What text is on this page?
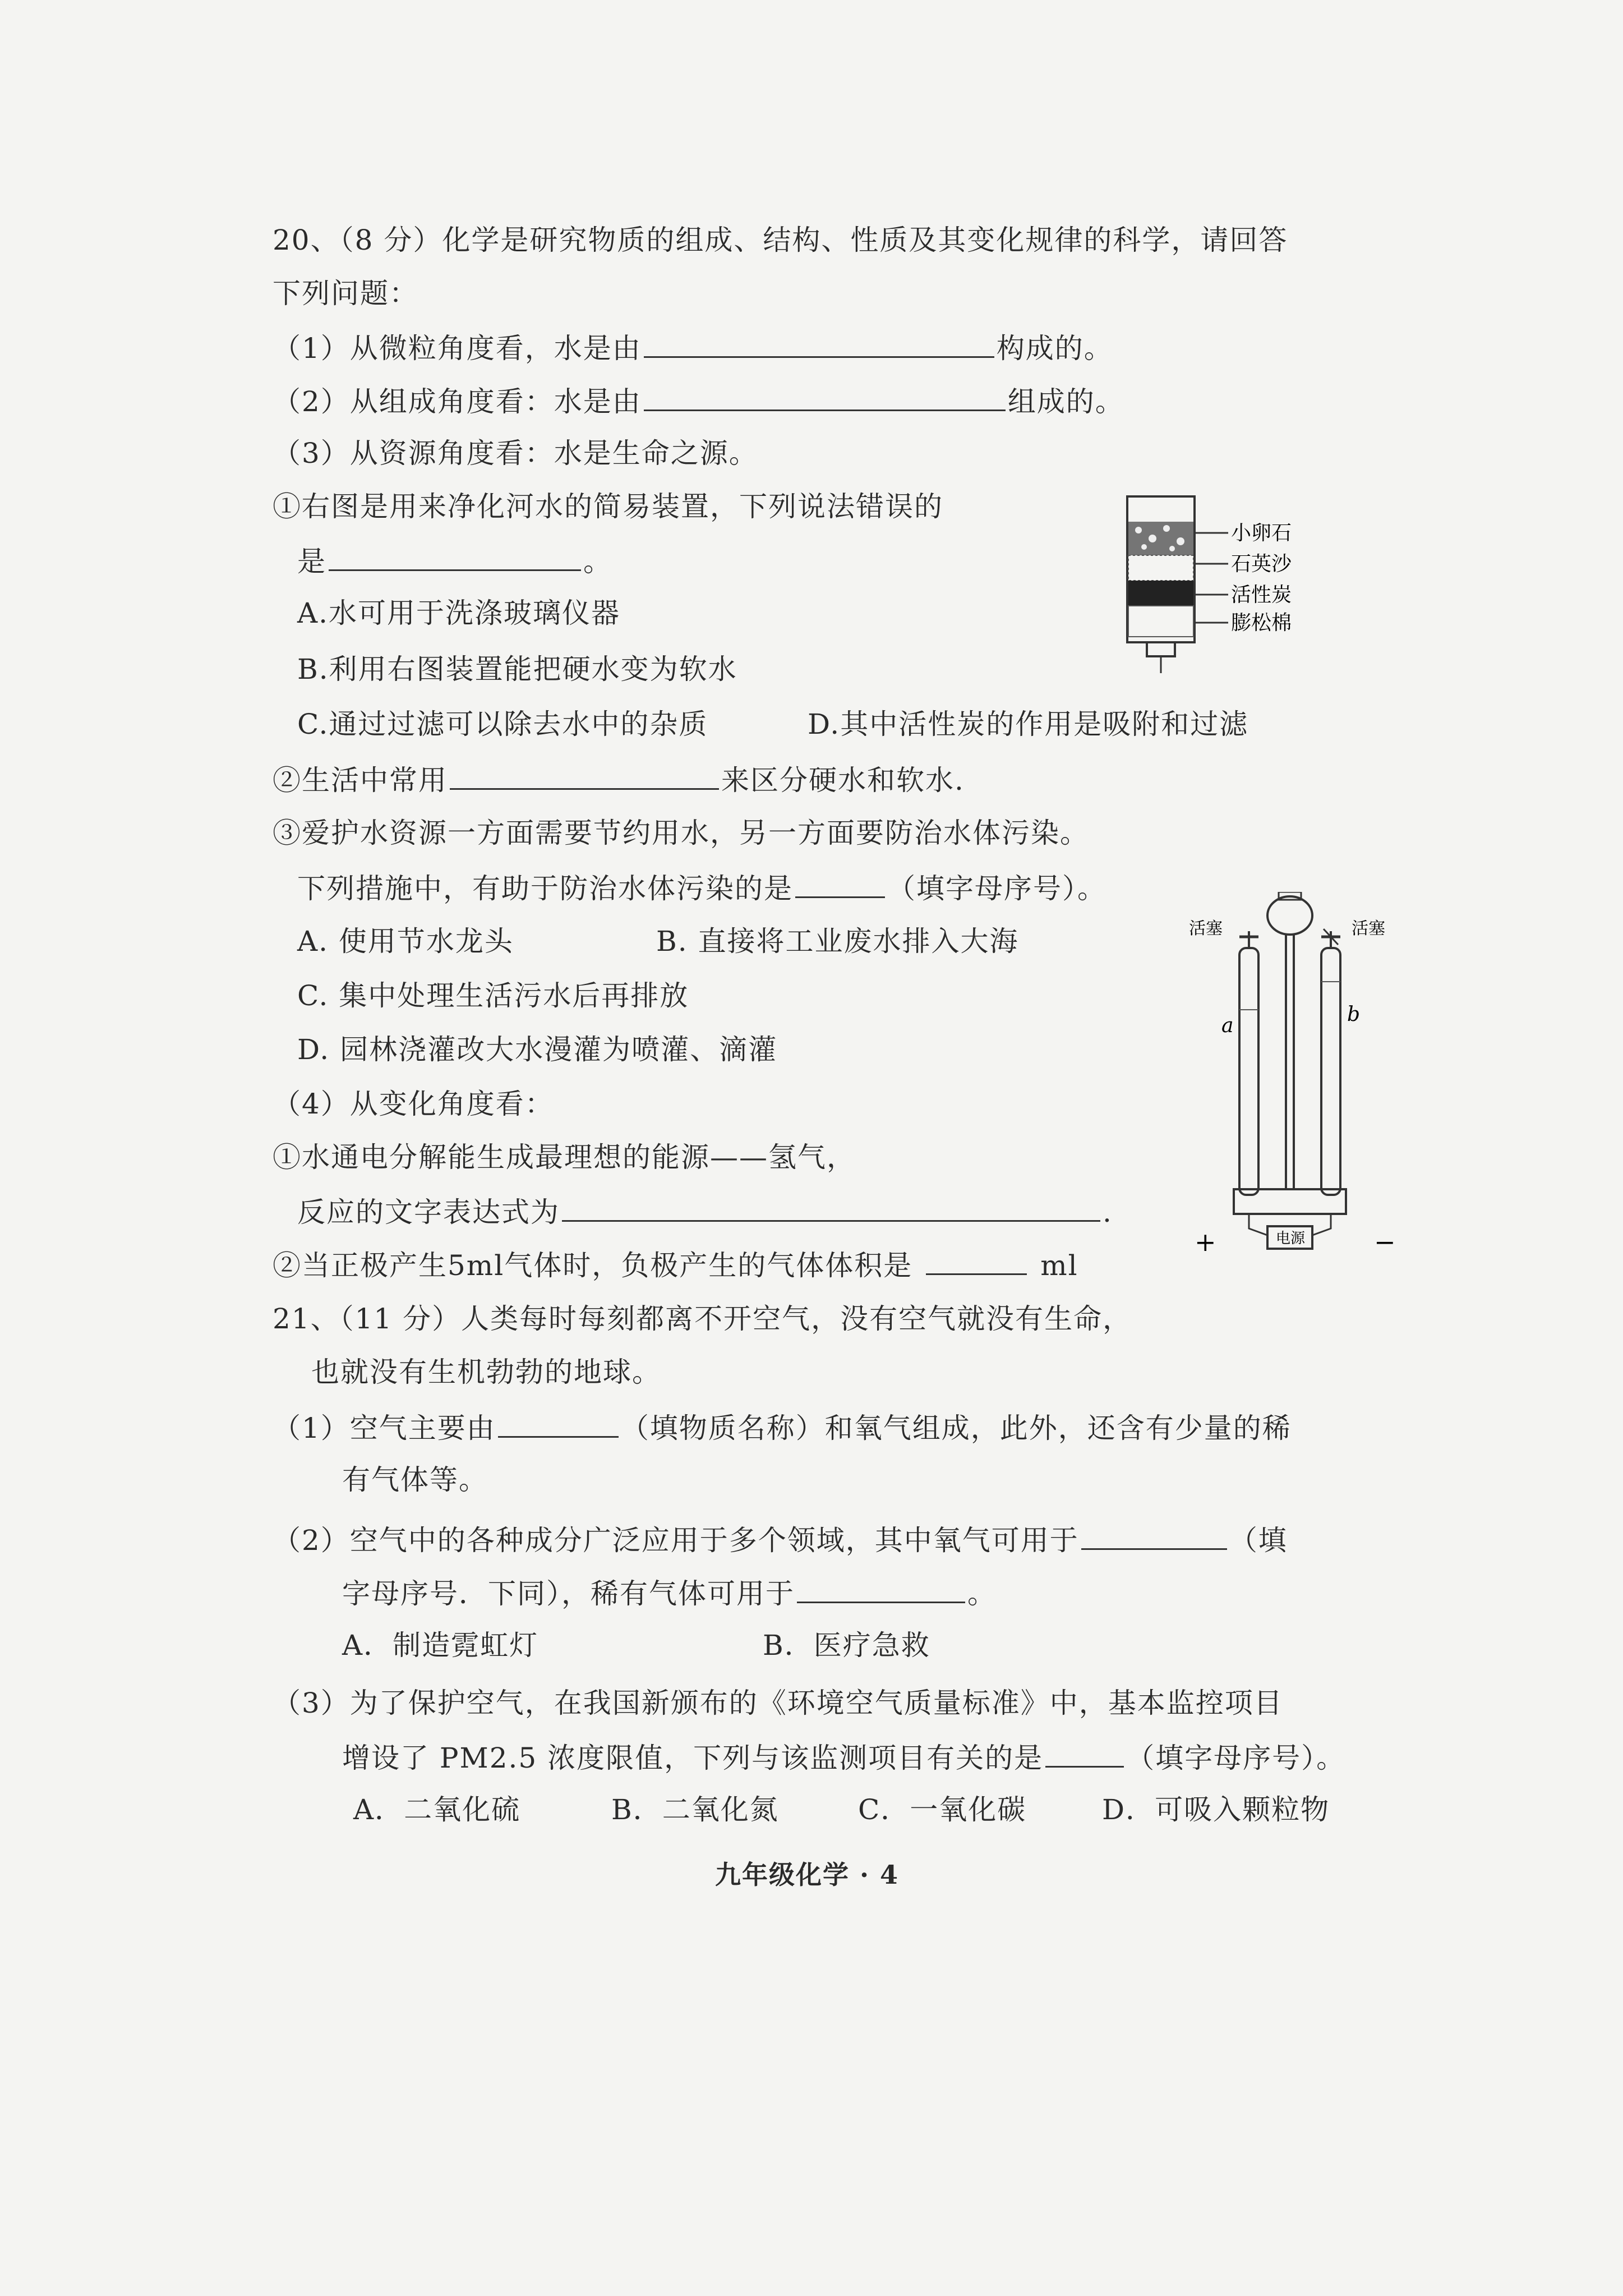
20、（8 分）化学是研究物质的组成、结构、性质及其变化规律的科学，请回答
下列问题：
（1）从微粒角度看，水是由	构成的。
（2）从组成角度看：水是由	组成的。
（3）从资源角度看：水是生命之源。
①右图是用来净化河水的简易装置，下列说法错误的
是	。
A.水可用于洗涤玻璃仪器
B.利用右图装置能把硬水变为软水
C.通过过滤可以除去水中的杂质	D.其中活性炭的作用是吸附和过滤
小卵石
石英沙
活性炭
膨松棉
②生活中常用	来区分硬水和软水.
③爱护水资源一方面需要节约用水，另一方面要防治水体污染。
下列措施中，有助于防治水体污染的是	（填字母序号）。
A. 使用节水龙头	B. 直接将工业废水排入大海
C. 集中处理生活污水后再排放
D. 园林浇灌改大水漫灌为喷灌、滴灌
（4）从变化角度看：
①水通电分解能生成最理想的能源——氢气，
反应的文字表达式为	.
②当正极产生5ml气体时，负极产生的气体体积是	ml
活塞	活塞
a	b
电源
+	−
21、（11 分）人类每时每刻都离不开空气，没有空气就没有生命，
也就没有生机勃勃的地球。
（1）空气主要由	（填物质名称）和氧气组成，此外，还含有少量的稀
有气体等。
（2）空气中的各种成分广泛应用于多个领域，其中氧气可用于	（填
字母序号．下同），稀有气体可用于	。
A．制造霓虹灯	B．医疗急救
（3）为了保护空气，在我国新颁布的《环境空气质量标准》中，基本监控项目
增设了 PM2.5 浓度限值，下列与该监测项目有关的是	（填字母序号）。
A．二氧化硫	B．二氧化氮	C．一氧化碳	D．可吸入颗粒物
九年级化学 · 4
